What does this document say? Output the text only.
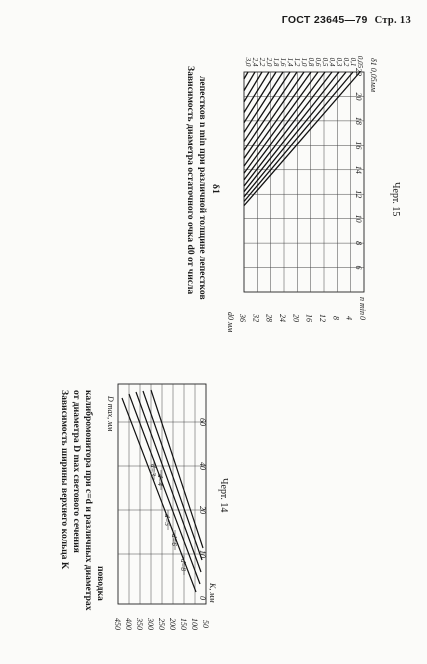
ГОСТ 23645—79 Стр. 13
36 32 28 24 20 16 12 8 4 0
6
8
10
12
14
16
18
20
22
0,05
0,1
0,2
0,3
0,4
0,5
0,6
0,8
1,0
1,2
1,4
1,6
1,8
2,0
2,2
2,4
3,0	δ1 0,05мм
n min
d0 мм
Зависимость диаметра остаточного очка d0 от числа лепестков n min при различной толщине лепестков δ1	Черт. 15
450 400 350 300 250 200 150 100 50
0
10
20
40
60
d=3
d=4
d=5
d=6
d=8
D max, мм
K, мм
Зависимость ширины верхнего кольца K от диаметра D max светового сечения калибромонитора при c=d и различных диаметрах поводка
Черт. 14
